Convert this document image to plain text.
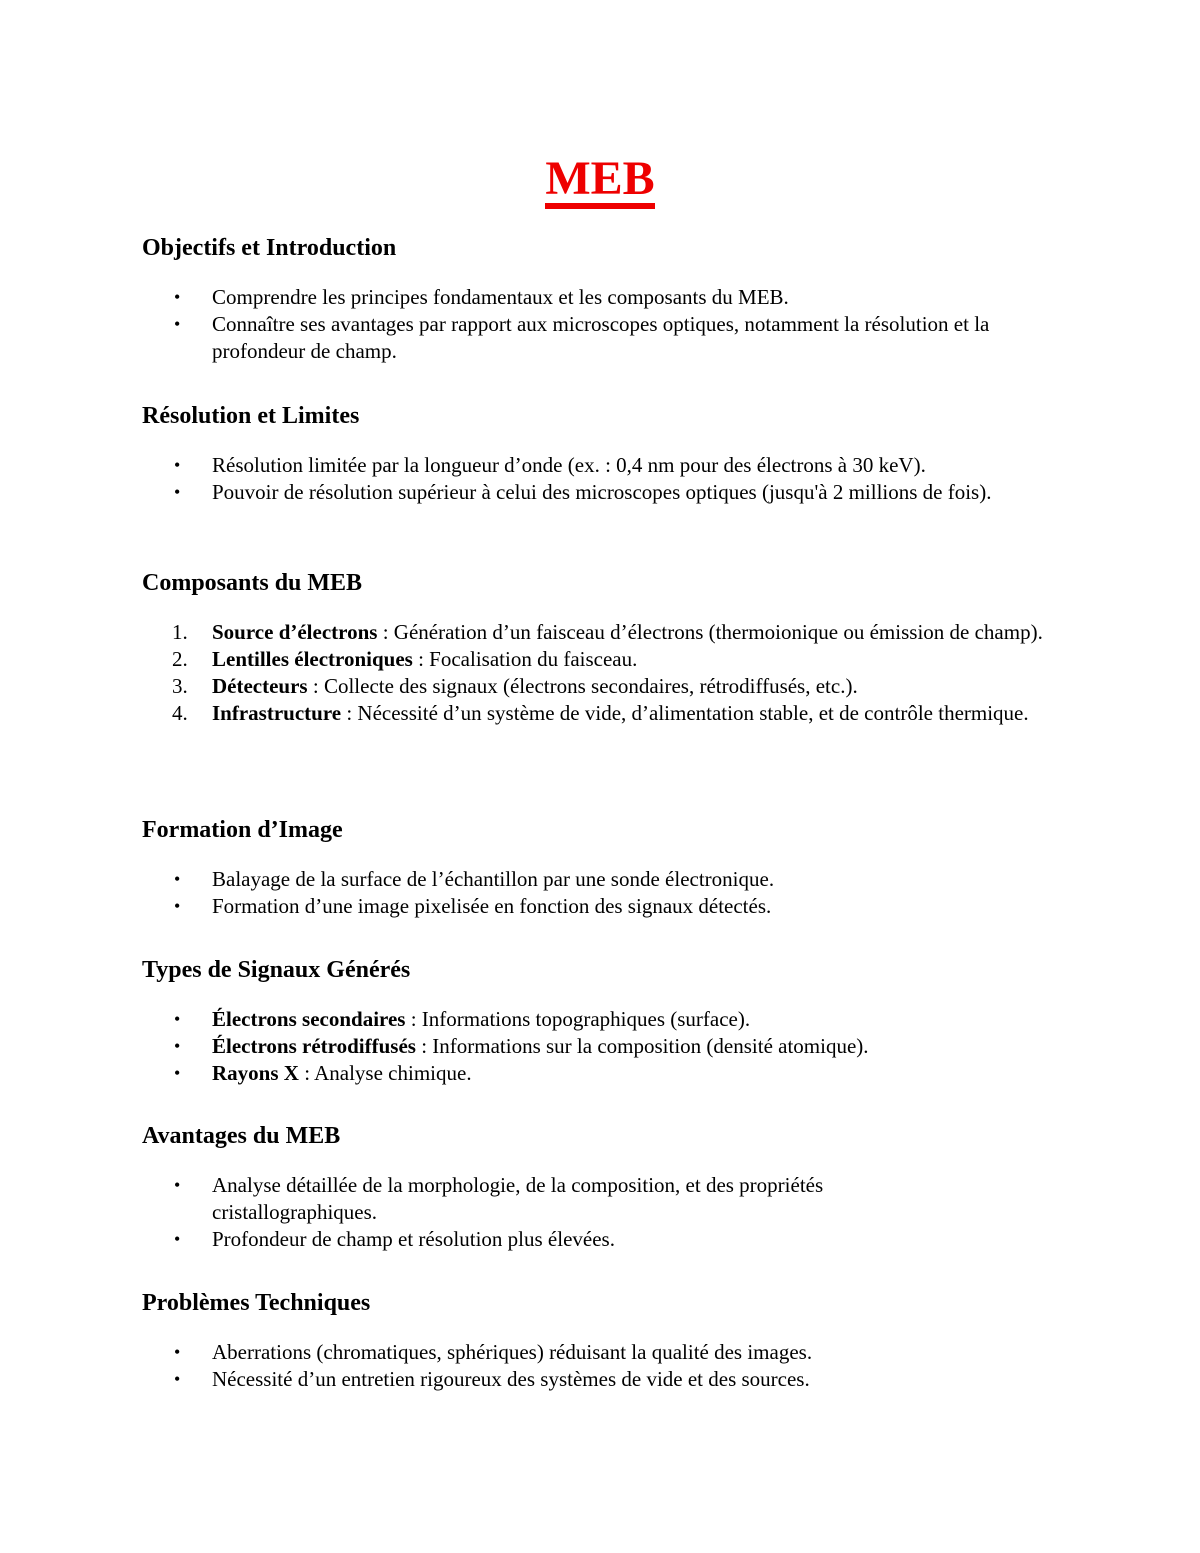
MEB
Objectifs et Introduction
• Comprendre les principes fondamentaux et les composants du MEB.
• Connaître ses avantages par rapport aux microscopes optiques, notamment la résolution et la profondeur de champ.
Résolution et Limites
• Résolution limitée par la longueur d’onde (ex. : 0,4 nm pour des électrons à 30 keV).
• Pouvoir de résolution supérieur à celui des microscopes optiques (jusqu'à 2 millions de fois).
Composants du MEB
1.	Source d’électrons : Génération d’un faisceau d’électrons (thermoionique ou émission de champ).
2.	Lentilles électroniques : Focalisation du faisceau.
3.	Détecteurs : Collecte des signaux (électrons secondaires, rétrodiffusés, etc.).
4.	Infrastructure : Nécessité d’un système de vide, d’alimentation stable, et de contrôle thermique.
Formation d’Image
• Balayage de la surface de l’échantillon par une sonde électronique.
• Formation d’une image pixelisée en fonction des signaux détectés.
Types de Signaux Générés
• Électrons secondaires : Informations topographiques (surface).
• Électrons rétrodiffusés : Informations sur la composition (densité atomique).
• Rayons X : Analyse chimique.
Avantages du MEB
• Analyse détaillée de la morphologie, de la composition, et des propriétés cristallographiques.
• Profondeur de champ et résolution plus élevées.
Problèmes Techniques
• Aberrations (chromatiques, sphériques) réduisant la qualité des images.
• Nécessité d’un entretien rigoureux des systèmes de vide et des sources.
